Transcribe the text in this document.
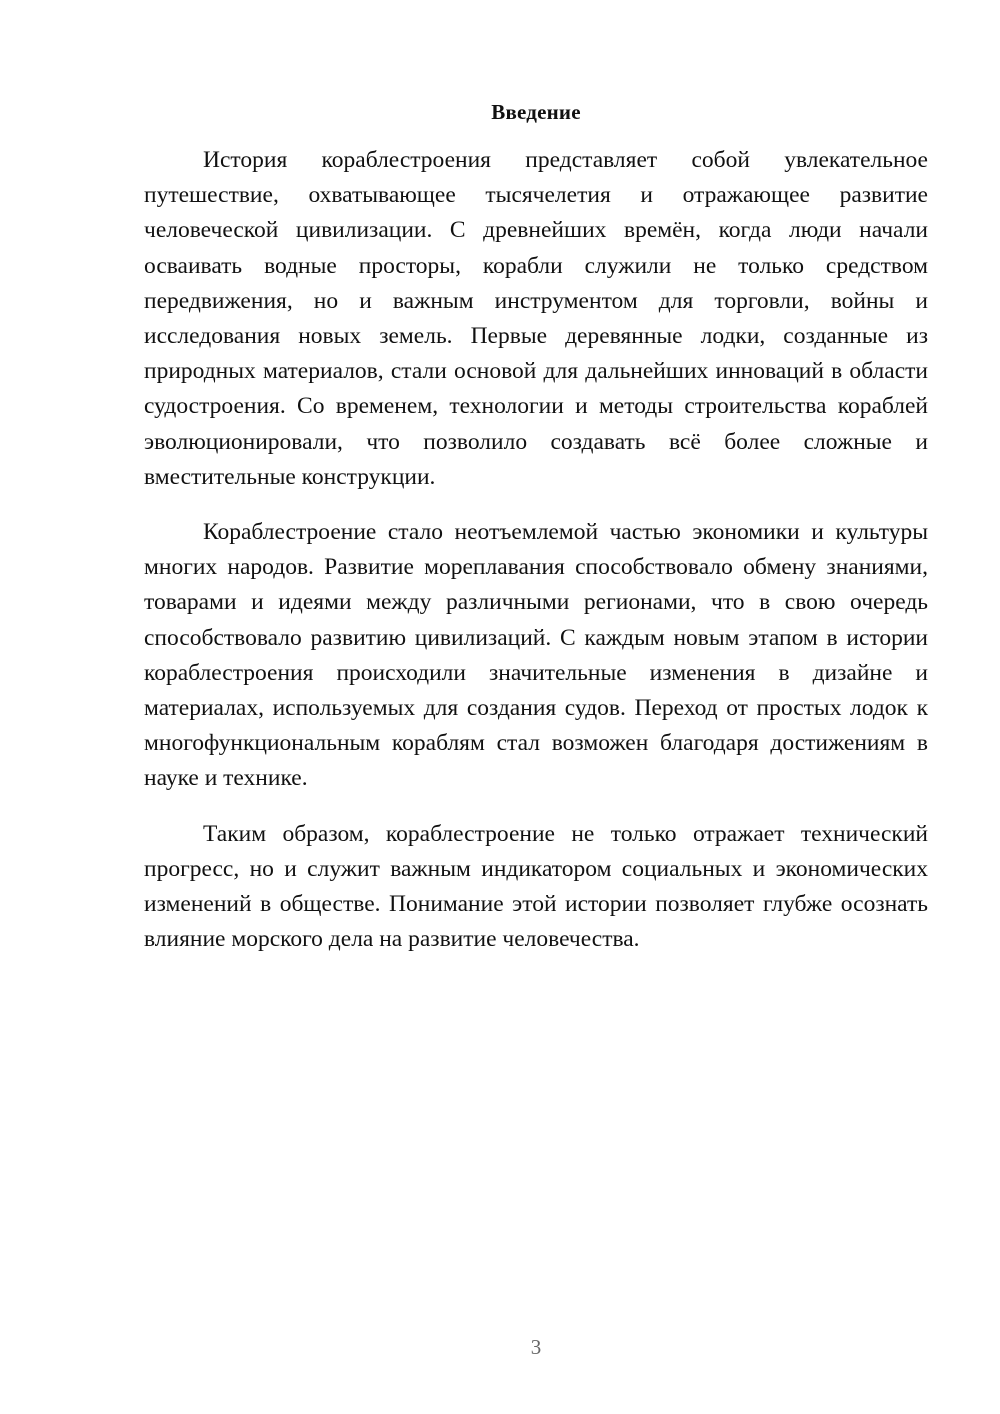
Введение

История кораблестроения представляет собой увлекательное путешествие, охватывающее тысячелетия и отражающее развитие человеческой цивилизации. С древнейших времён, когда люди начали осваивать водные просторы, корабли служили не только средством передвижения, но и важным инструментом для торговли, войны и исследования новых земель. Первые деревянные лодки, созданные из природных материалов, стали основой для дальнейших инноваций в области судостроения. Со временем, технологии и методы строительства кораблей эволюционировали, что позволило создавать всё более сложные и вместительные конструкции.

Кораблестроение стало неотъемлемой частью экономики и культуры многих народов. Развитие мореплавания способствовало обмену знаниями, товарами и идеями между различными регионами, что в свою очередь способствовало развитию цивилизаций. С каждым новым этапом в истории кораблестроения происходили значительные изменения в дизайне и материалах, используемых для создания судов. Переход от простых лодок к многофункциональным кораблям стал возможен благодаря достижениям в науке и технике.

Таким образом, кораблестроение не только отражает технический прогресс, но и служит важным индикатором социальных и экономических изменений в обществе. Понимание этой истории позволяет глубже осознать влияние морского дела на развитие человечества.

3
